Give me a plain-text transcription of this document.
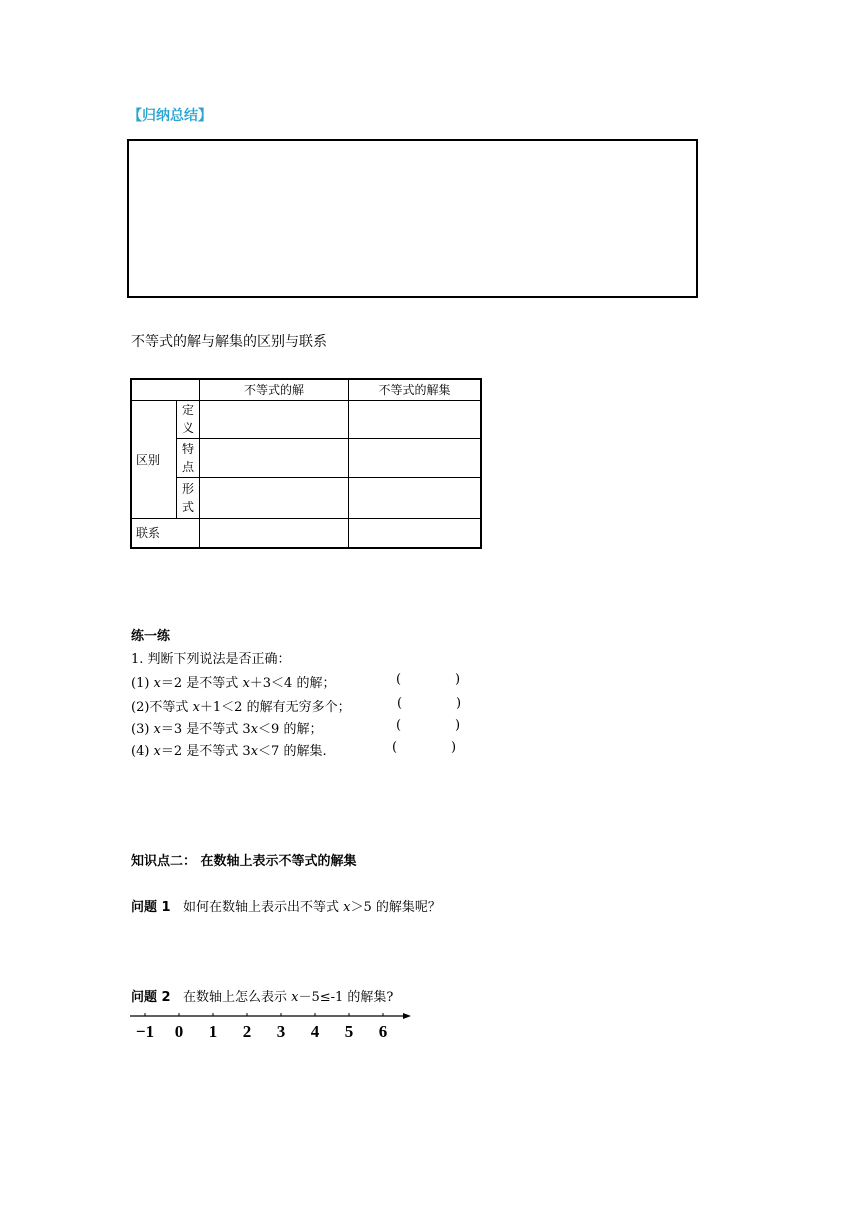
【归纳总结】
不等式的解与解集的区别与联系
		不等式的解	不等式的解集
区别	定义		

	特点		

	形式		

联系			
练一练
1. 判断下列说法是否正确：
(1) x＝2 是不等式 x＋3＜4 的解；
(2)不等式 x＋1＜2 的解有无穷多个；
(3) x＝3 是不等式 3x＜9 的解；
(4) x＝2 是不等式 3x＜7 的解集.
(	)
(	)
(	)
(	)
知识点二： 在数轴上表示不等式的解集
问题 1 如何在数轴上表示出不等式 x＞5 的解集呢？
问题 2 在数轴上怎么表示 x－5≤-1 的解集?
−1 0 1 2 3 4 5 6
